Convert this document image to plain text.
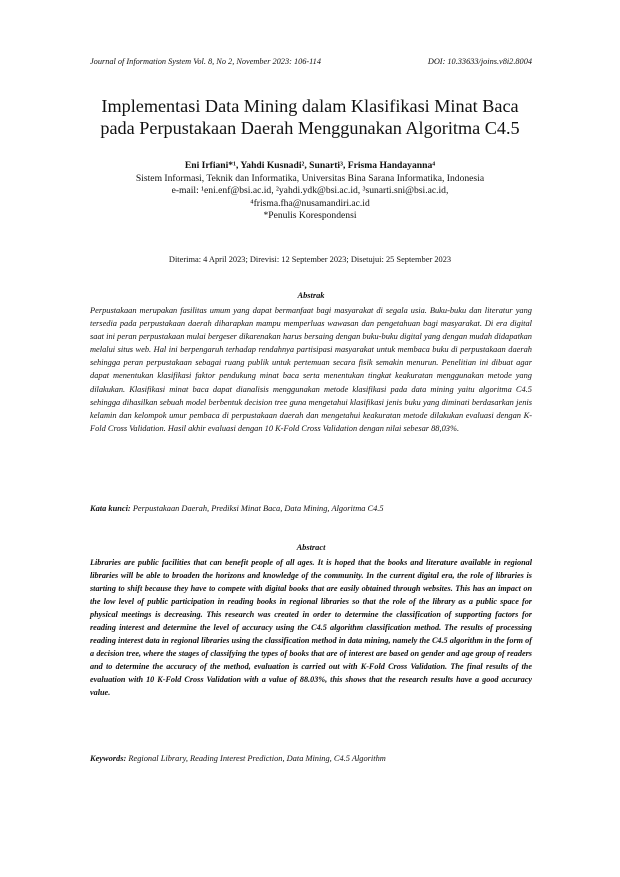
Journal of Information System Vol. 8, No 2, November 2023: 106-114	DOI: 10.33633/joins.v8i2.8004
Implementasi Data Mining dalam Klasifikasi Minat Baca
pada Perpustakaan Daerah Menggunakan Algoritma C4.5
Eni Irfiani*¹, Yahdi Kusnadi², Sunarti³, Frisma Handayanna⁴
Sistem Informasi, Teknik dan Informatika, Universitas Bina Sarana Informatika, Indonesia
e-mail: ¹eni.enf@bsi.ac.id, ²yahdi.ydk@bsi.ac.id, ³sunarti.sni@bsi.ac.id,
⁴frisma.fha@nusamandiri.ac.id
*Penulis Korespondensi
Diterima: 4 April 2023; Direvisi: 12 September 2023; Disetujui: 25 September 2023
Abstrak

Perpustakaan merupakan fasilitas umum yang dapat bermanfaat bagi masyarakat di segala usia. Buku-buku dan literatur yang tersedia pada perpustakaan daerah diharapkan mampu memperluas wawasan dan pengetahuan bagi masyarakat. Di era digital saat ini peran perpustakaan mulai bergeser dikarenakan harus bersaing dengan buku-buku digital yang dengan mudah didapatkan melalui situs web. Hal ini berpengaruh terhadap rendahnya partisipasi masyarakat untuk membaca buku di perpustakaan daerah sehingga peran perpustakaan sebagai ruang publik untuk pertemuan secara fisik semakin menurun. Penelitian ini dibuat agar dapat menentukan klasifikasi faktor pendukung minat baca serta menentukan tingkat keakuratan menggunakan metode yang dilakukan. Klasifikasi minat baca dapat dianalisis menggunakan metode klasifikasi pada data mining yaitu algoritma C4.5 sehingga dihasilkan sebuah model berbentuk decision tree guna mengetahui klasifikasi jenis buku yang diminati berdasarkan jenis kelamin dan kelompok umur pembaca di perpustakaan daerah dan mengetahui keakuratan metode dilakukan evaluasi dengan K-Fold Cross Validation. Hasil akhir evaluasi dengan 10 K-Fold Cross Validation dengan nilai sebesar 88,03%.

Kata kunci: Perpustakaan Daerah, Prediksi Minat Baca, Data Mining, Algoritma C4.5
Abstract

Libraries are public facilities that can benefit people of all ages. It is hoped that the books and literature available in regional libraries will be able to broaden the horizons and knowledge of the community. In the current digital era, the role of libraries is starting to shift because they have to compete with digital books that are easily obtained through websites. This has an impact on the low level of public participation in reading books in regional libraries so that the role of the library as a public space for physical meetings is decreasing. This research was created in order to determine the classification of supporting factors for reading interest and determine the level of accuracy using the C4.5 algorithm classification method. The results of processing reading interest data in regional libraries using the classification method in data mining, namely the C4.5 algorithm in the form of a decision tree, where the stages of classifying the types of books that are of interest are based on gender and age group of readers and to determine the accuracy of the method, evaluation is carried out with K-Fold Cross Validation. The final results of the evaluation with 10 K-Fold Cross Validation with a value of 88.03%, this shows that the research results have a good accuracy value.

Keywords: Regional Library, Reading Interest Prediction, Data Mining, C4.5 Algorithm
